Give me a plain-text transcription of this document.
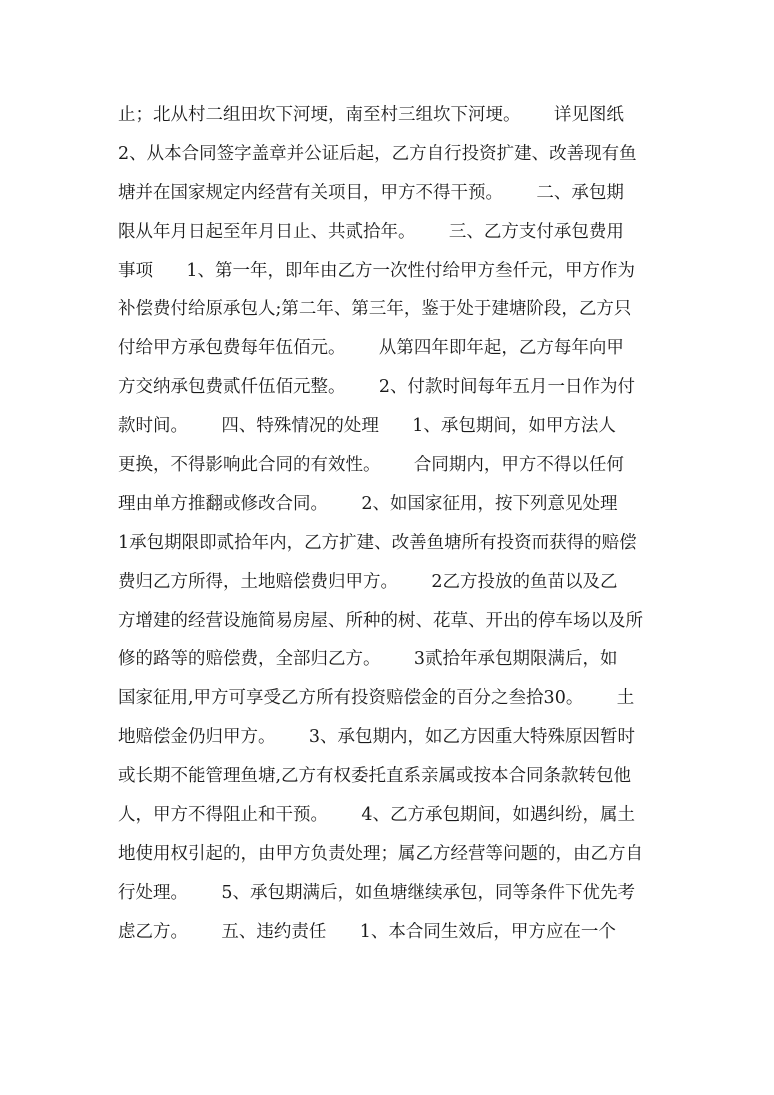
止；北从村二组田坎下河埂，南至村三组坎下河埂。      详见图纸
2、从本合同签字盖章并公证后起，乙方自行投资扩建、改善现有鱼
塘并在国家规定内经营有关项目，甲方不得干预。      二、承包期
限从年月日起至年月日止、共贰拾年。      三、乙方支付承包费用
事项      1、第一年，即年由乙方一次性付给甲方叁仟元，甲方作为
补偿费付给原承包人;第二年、第三年，鉴于处于建塘阶段，乙方只
付给甲方承包费每年伍佰元。      从第四年即年起，乙方每年向甲
方交纳承包费贰仟伍佰元整。      2、付款时间每年五月一日作为付
款时间。      四、特殊情况的处理      1、承包期间，如甲方法人
更换，不得影响此合同的有效性。      合同期内，甲方不得以任何
理由单方推翻或修改合同。      2、如国家征用，按下列意见处理
1承包期限即贰拾年内，乙方扩建、改善鱼塘所有投资而获得的赔偿
费归乙方所得，土地赔偿费归甲方。      2乙方投放的鱼苗以及乙
方增建的经营设施简易房屋、所种的树、花草、开出的停车场以及所
修的路等的赔偿费，全部归乙方。      3贰拾年承包期限满后，如
国家征用,甲方可享受乙方所有投资赔偿金的百分之叁拾30。      土
地赔偿金仍归甲方。      3、承包期内，如乙方因重大特殊原因暂时
或长期不能管理鱼塘,乙方有权委托直系亲属或按本合同条款转包他
人，甲方不得阻止和干预。      4、乙方承包期间，如遇纠纷，属土
地使用权引起的，由甲方负责处理；属乙方经营等问题的，由乙方自
行处理。      5、承包期满后，如鱼塘继续承包，同等条件下优先考
虑乙方。      五、违约责任      1、本合同生效后，甲方应在一个
